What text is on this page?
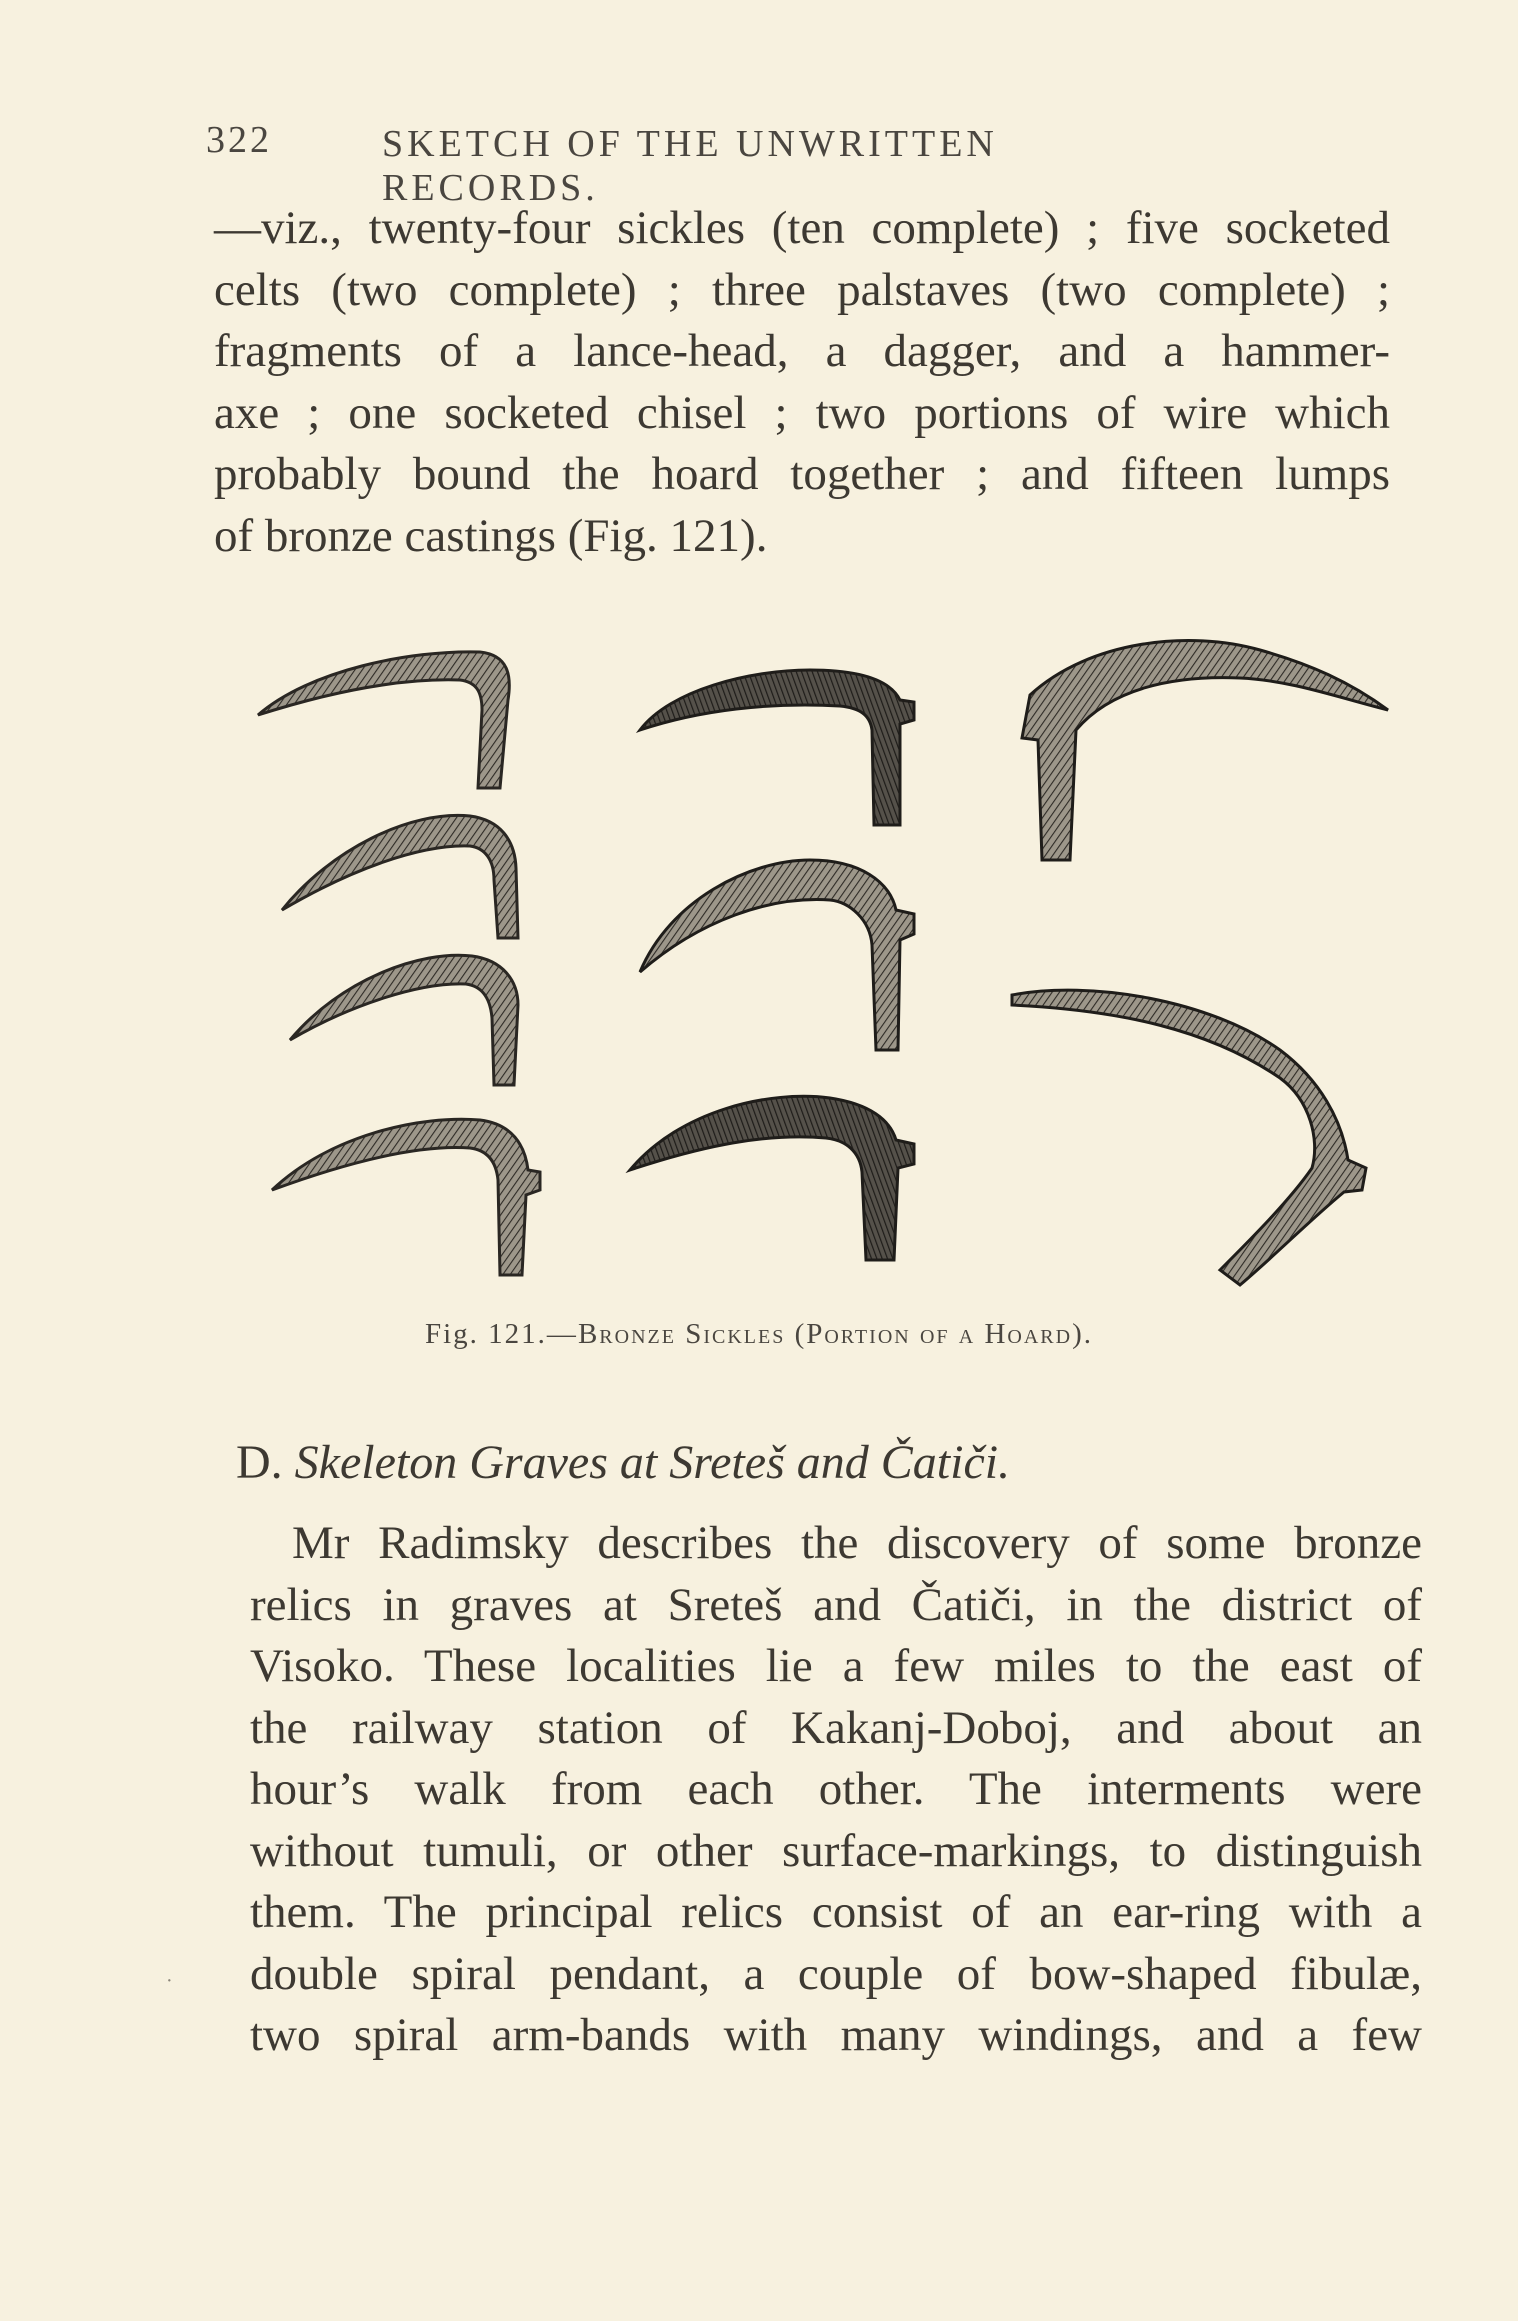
322	SKETCH OF THE UNWRITTEN RECORDS.
—viz., twenty-four sickles (ten complete) ; five socketed
celts (two complete) ; three palstaves (two complete) ;
fragments of a lance-head, a dagger, and a hammer-
axe ; one socketed chisel ; two portions of wire which
probably bound the hoard together ; and fifteen lumps
of bronze castings (Fig. 121).
Fig. 121.—Bronze Sickles (Portion of a Hoard).
D. Skeleton Graves at Sreteš and Čatiči.
Mr Radimsky describes the discovery of some bronze
relics in graves at Sreteš and Čatiči, in the district of
Visoko. These localities lie a few miles to the east of
the railway station of Kakanj-Doboj, and about an
hour’s walk from each other. The interments were
without tumuli, or other surface-markings, to distinguish
them. The principal relics consist of an ear-ring with a
double spiral pendant, a couple of bow-shaped fibulæ,
two spiral arm-bands with many windings, and a few
·
